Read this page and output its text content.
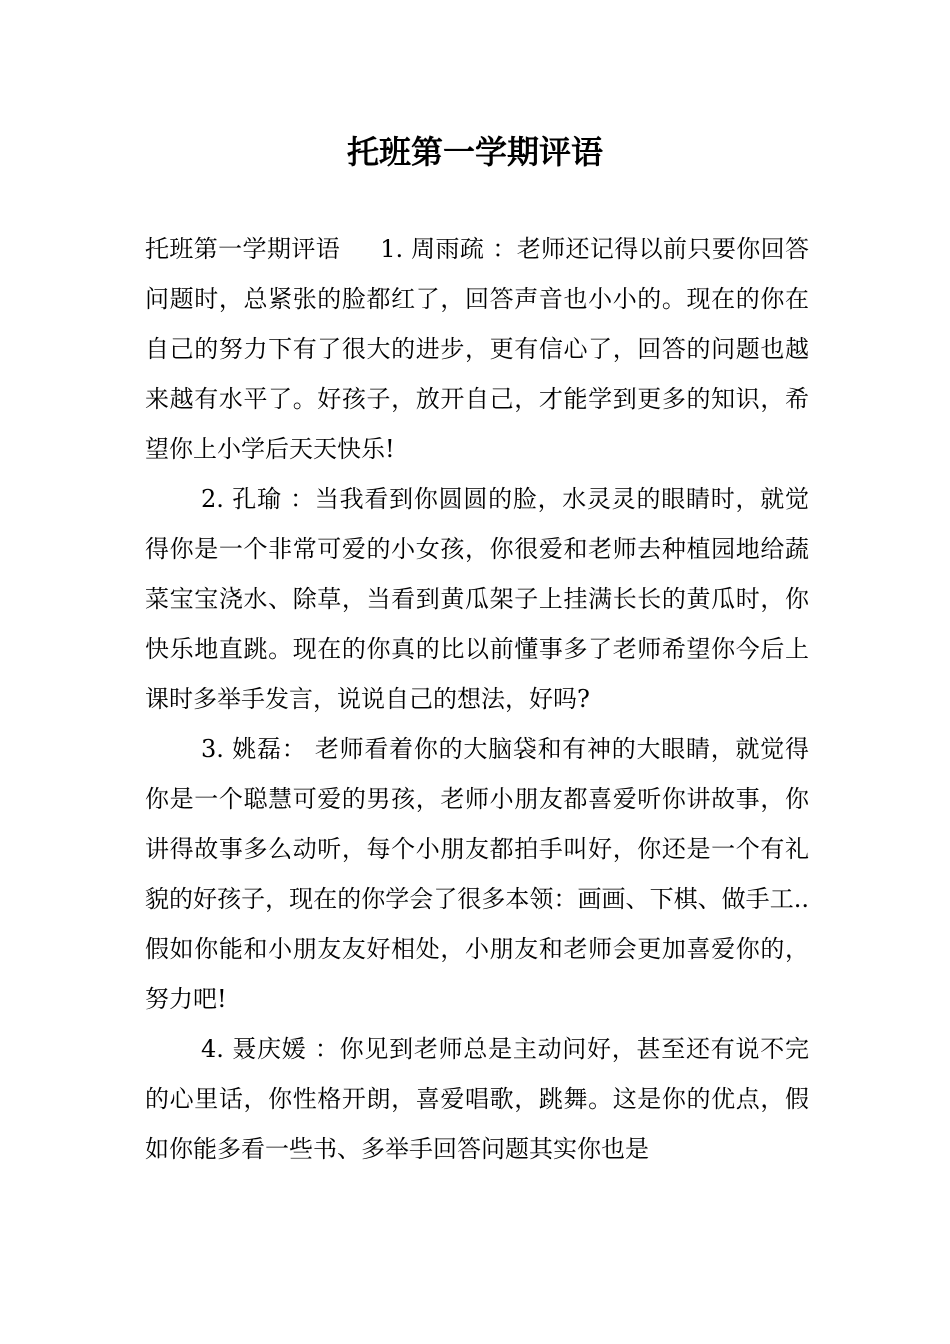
托班第一学期评语

托班第一学期评语     1. 周雨疏 ：老师还记得以前只要你回答问题时，总紧张的脸都红了，回答声音也小小的。现在的你在自己的努力下有了很大的进步，更有信心了，回答的问题也越来越有水平了。好孩子，放开自己，才能学到更多的知识，希望你上小学后天天快乐!

2. 孔瑜 ：当我看到你圆圆的脸，水灵灵的眼睛时，就觉得你是一个非常可爱的小女孩，你很爱和老师去种植园地给蔬菜宝宝浇水、除草，当看到黄瓜架子上挂满长长的黄瓜时，你快乐地直跳。现在的你真的比以前懂事多了老师希望你今后上课时多举手发言，说说自己的想法，好吗?

3. 姚磊： 老师看着你的大脑袋和有神的大眼睛，就觉得你是一个聪慧可爱的男孩，老师小朋友都喜爱听你讲故事，你讲得故事多么动听，每个小朋友都拍手叫好，你还是一个有礼貌的好孩子，现在的你学会了很多本领：画画、下棋、做手工..假如你能和小朋友友好相处，小朋友和老师会更加喜爱你的，努力吧!

4. 聂庆媛 ：你见到老师总是主动问好，甚至还有说不完的心里话，你性格开朗，喜爱唱歌，跳舞。这是你的优点，假如你能多看一些书、多举手回答问题其实你也是
